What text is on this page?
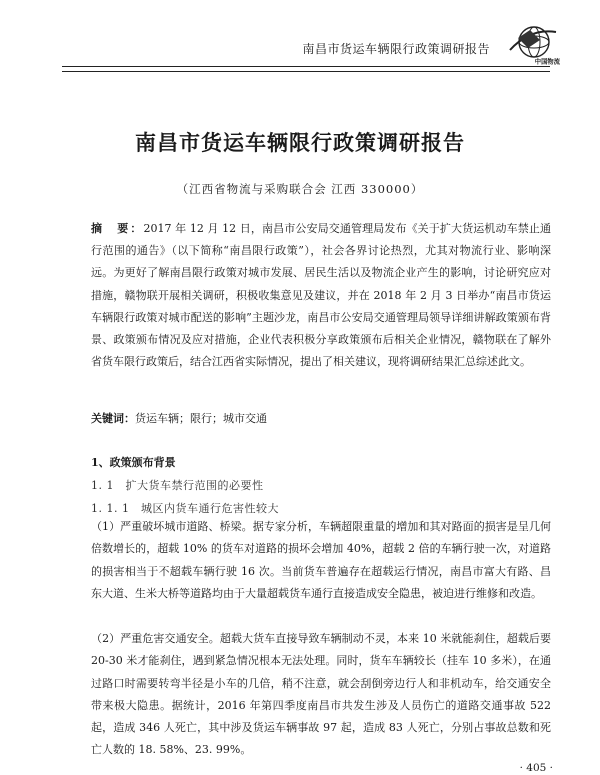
南昌市货运车辆限行政策调研报告
中国物流
南昌市货运车辆限行政策调研报告
（江西省物流与采购联合会 江西 330000）
摘　要：2017 年 12 月 12 日，南昌市公安局交通管理局发布《关于扩大货运机动车禁止通行范围的通告》（以下简称“南昌限行政策”），社会各界讨论热烈，尤其对物流行业、影响深远。为更好了解南昌限行政策对城市发展、居民生活以及物流企业产生的影响，讨论研究应对措施，赣物联开展相关调研，积极收集意见及建议，并在 2018 年 2 月 3 日举办“南昌市货运车辆限行政策对城市配送的影响”主题沙龙，南昌市公安局交通管理局领导详细讲解政策颁布背景、政策颁布情况及应对措施，企业代表积极分享政策颁布后相关企业情况，赣物联在了解外省货车限行政策后，结合江西省实际情况，提出了相关建议，现将调研结果汇总综述此文。
关键词：货运车辆；限行；城市交通
1、政策颁布背景
1. 1　扩大货车禁行范围的必要性
1. 1. 1　城区内货车通行危害性较大
（1）严重破坏城市道路、桥梁。据专家分析，车辆超限重量的增加和其对路面的损害是呈几何倍数增长的，超载 10% 的货车对道路的损坏会增加 40%，超载 2 倍的车辆行驶一次，对道路的损害相当于不超载车辆行驶 16 次。当前货车普遍存在超载运行情况，南昌市富大有路、昌东大道、生米大桥等道路均由于大量超载货车通行直接造成安全隐患，被迫进行维修和改造。
（2）严重危害交通安全。超载大货车直接导致车辆制动不灵，本来 10 米就能刹住，超载后要 20-30 米才能刹住，遇到紧急情况根本无法处理。同时，货车车辆较长（挂车 10 多米），在通过路口时需要转弯半径是小车的几倍，稍不注意，就会刮倒旁边行人和非机动车，给交通安全带来极大隐患。据统计，2016 年第四季度南昌市共发生涉及人员伤亡的道路交通事故 522 起，造成 346 人死亡，其中涉及货运车辆事故 97 起，造成 83 人死亡，分别占事故总数和死亡人数的 18. 58%、23. 99%。
· 405 ·
